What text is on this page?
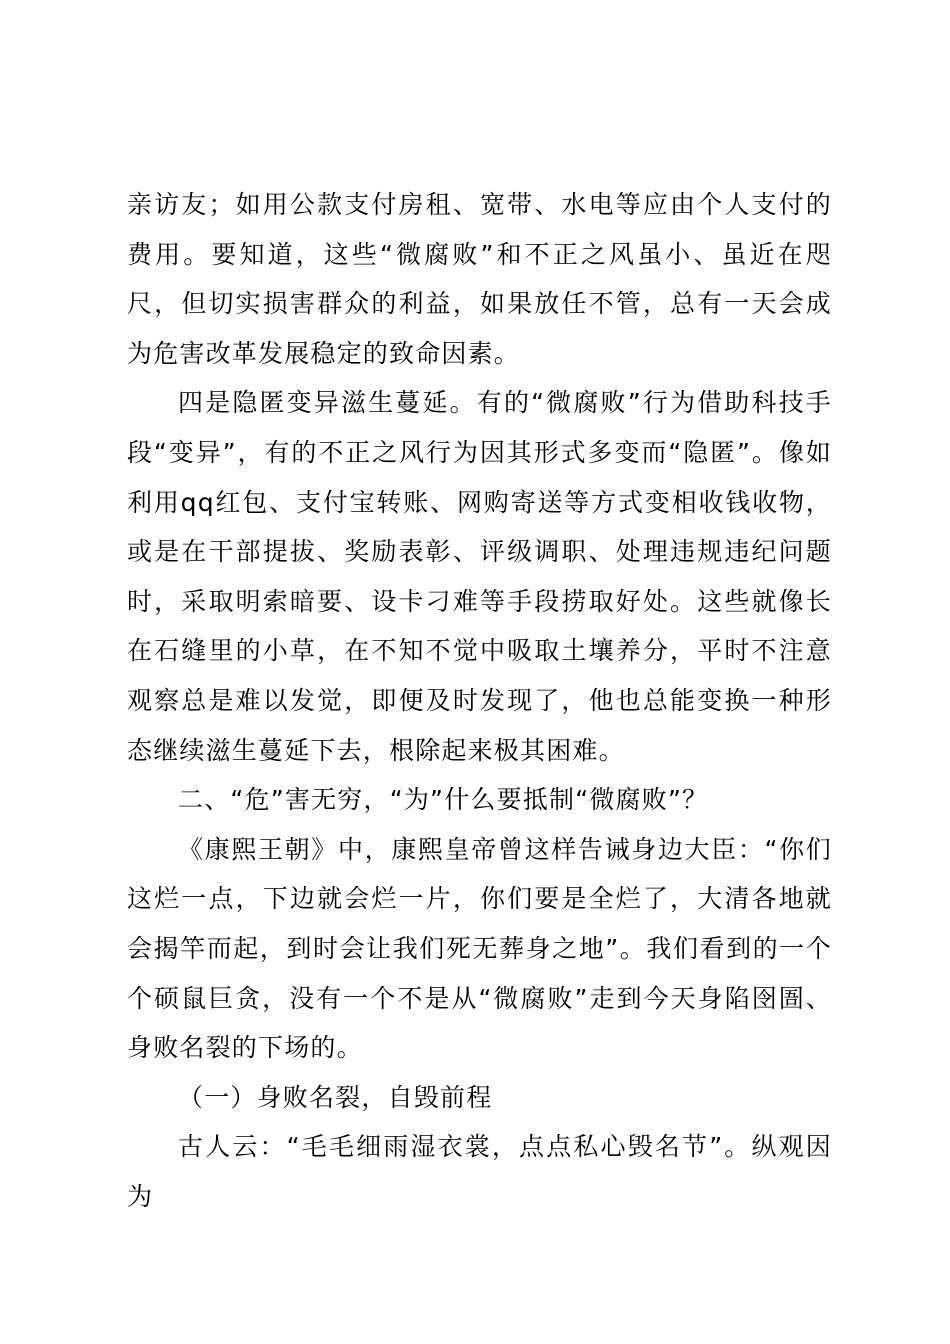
亲访友；如用公款支付房租、宽带、水电等应由个人支付的费用。要知道，这些“微腐败”和不正之风虽小、虽近在咫尺，但切实损害群众的利益，如果放任不管，总有一天会成为危害改革发展稳定的致命因素。

四是隐匿变异滋生蔓延。有的“微腐败”行为借助科技手段“变异”，有的不正之风行为因其形式多变而“隐匿”。像如利用qq红包、支付宝转账、网购寄送等方式变相收钱收物，或是在干部提拔、奖励表彰、评级调职、处理违规违纪问题时，采取明索暗要、设卡刁难等手段捞取好处。这些就像长在石缝里的小草，在不知不觉中吸取土壤养分，平时不注意观察总是难以发觉，即便及时发现了，他也总能变换一种形态继续滋生蔓延下去，根除起来极其困难。

二、“危”害无穷，“为”什么要抵制“微腐败”？

《康熙王朝》中，康熙皇帝曾这样告诫身边大臣：“你们这烂一点，下边就会烂一片，你们要是全烂了，大清各地就会揭竿而起，到时会让我们死无葬身之地”。我们看到的一个个硕鼠巨贪，没有一个不是从“微腐败”走到今天身陷囹圄、身败名裂的下场的。

（一）身败名裂，自毁前程

古人云：“毛毛细雨湿衣裳，点点私心毁名节”。纵观因为
